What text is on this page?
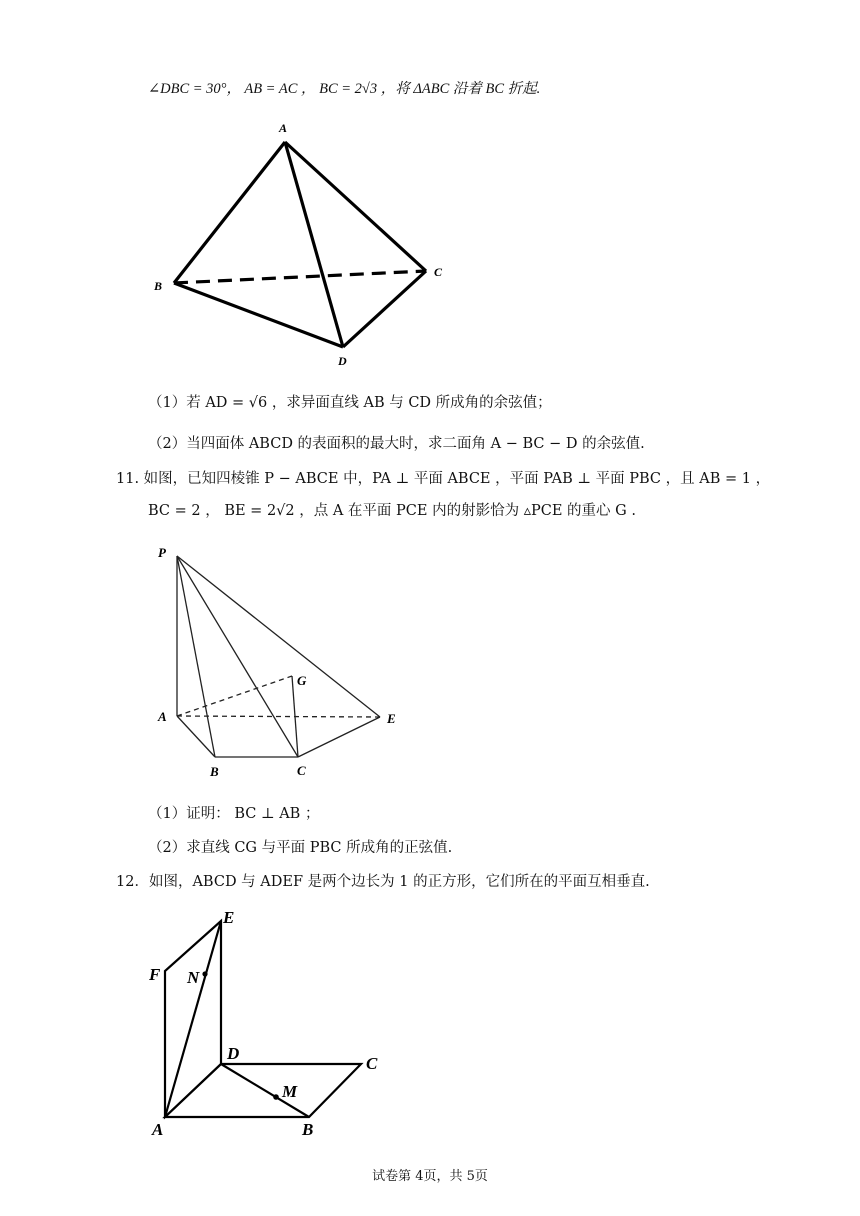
∠DBC = 30°， AB = AC ， BC = 2√3 ，将 ΔABC 沿着 BC 折起.
A
B
C
D
（1）若 AD = √6 ，求异面直线 AB 与 CD 所成角的余弦值；
（2）当四面体 ABCD 的表面积的最大时，求二面角 A − BC − D 的余弦值.
11. 如图，已知四棱锥 P − ABCE 中，PA ⊥ 平面 ABCE ，平面 PAB ⊥ 平面 PBC ，且 AB = 1 ，
BC = 2 ， BE = 2√2 ，点 A 在平面 PCE 内的射影恰为 ▵PCE 的重心 G .
P
G
A	E
B	C
（1）证明： BC ⊥ AB ；
（2）求直线 CG 与平面 PBC 所成角的正弦值.
12．如图，ABCD 与 ADEF 是两个边长为 1 的正方形，它们所在的平面互相垂直.
E
F N
D
C
M
A	B
试卷第 4页，共 5页
